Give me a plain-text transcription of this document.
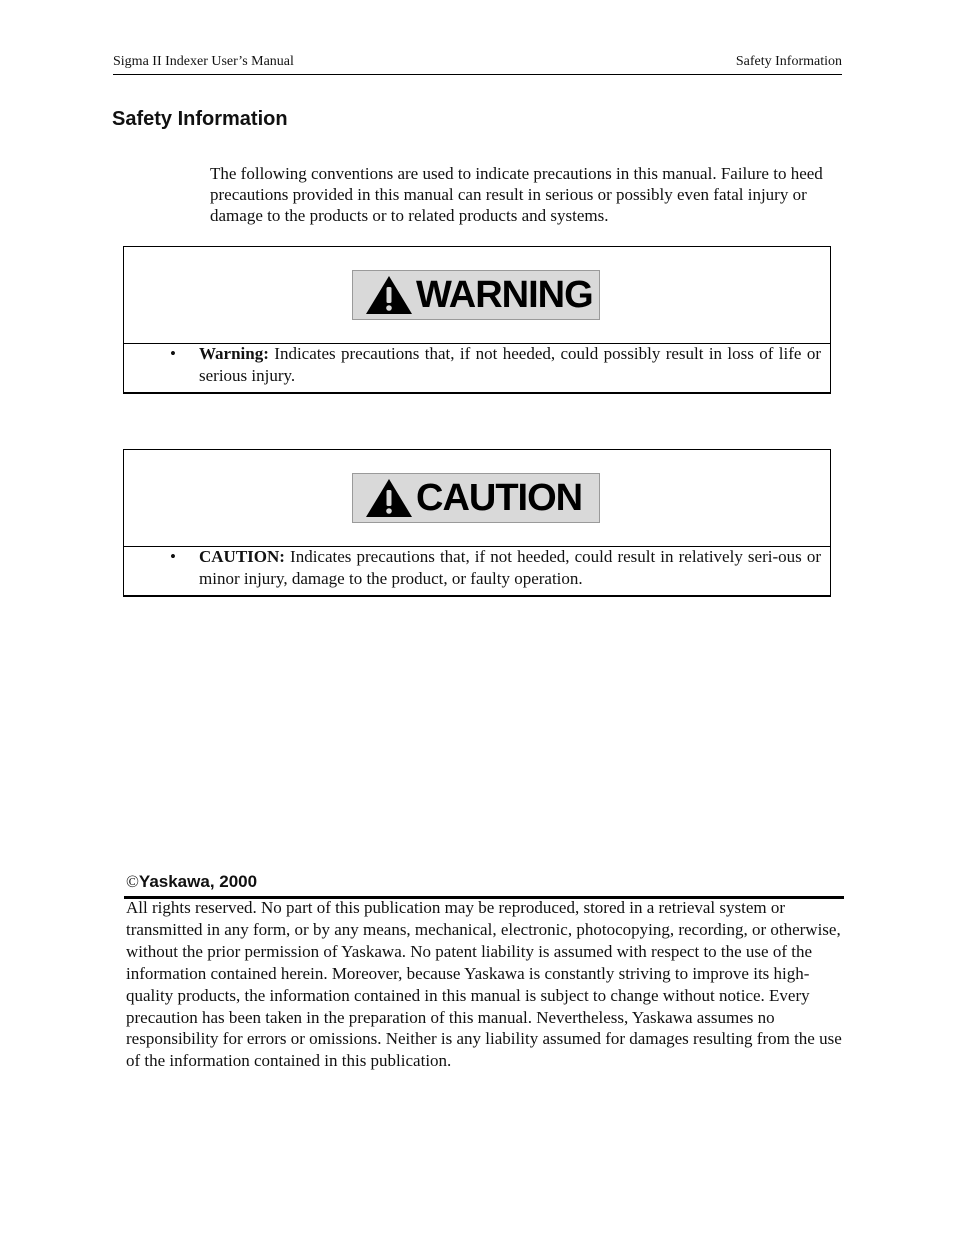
Sigma II Indexer User’s Manual	Safety Information
Safety Information

The following conventions are used to indicate precautions in this manual. Failure to heed precautions provided in this manual can result in serious or possibly even fatal injury or damage to the products or to related products and systems.

WARNING
• Warning: Indicates precautions that, if not heeded, could possibly result in loss of life or serious injury.
CAUTION
• CAUTION: Indicates precautions that, if not heeded, could result in relatively seri-ous or minor injury, damage to the product, or faulty operation.
©Yaskawa, 2000

All rights reserved. No part of this publication may be reproduced, stored in a retrieval system or transmitted in any form, or by any means, mechanical, electronic, photocopying, recording, or otherwise, without the prior permission of Yaskawa. No patent liability is assumed with respect to the use of the information contained herein. Moreover, because Yaskawa is constantly striving to improve its high-quality products, the information contained in this manual is subject to change without notice. Every precaution has been taken in the preparation of this manual. Nevertheless, Yaskawa assumes no responsibility for errors or omissions. Neither is any liability assumed for damages resulting from the use of the information contained in this publication.
